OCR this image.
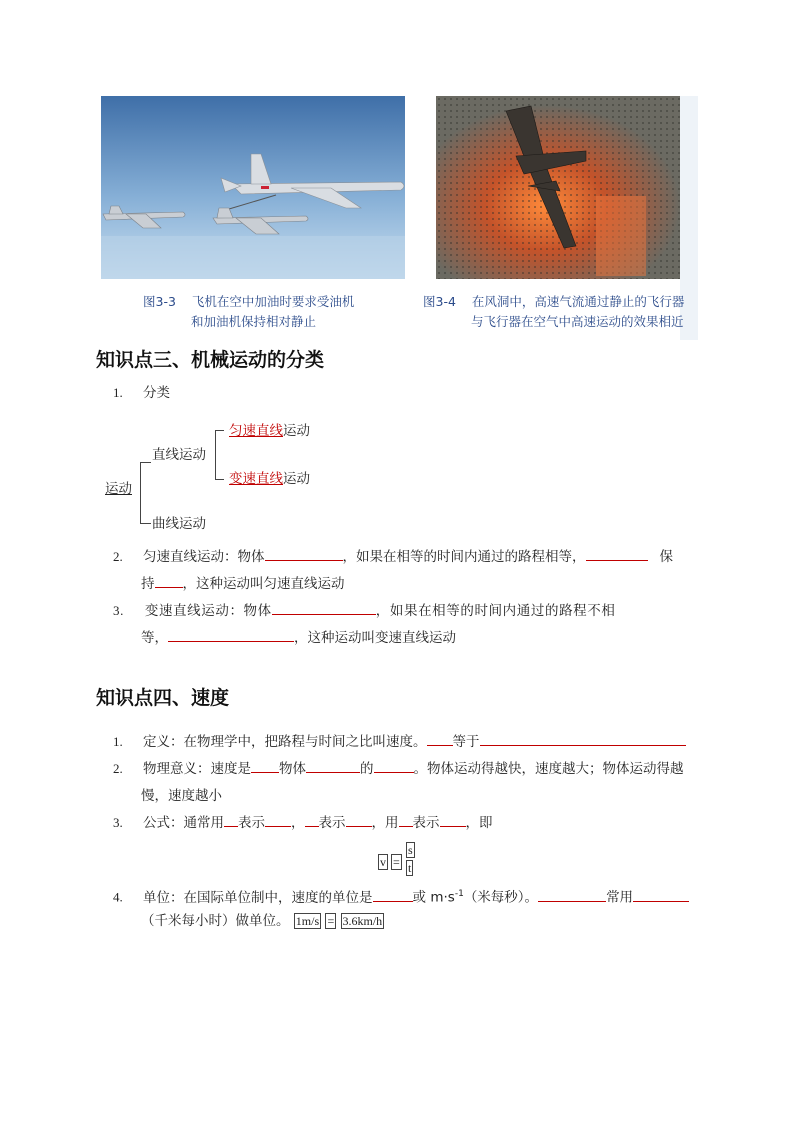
图3-3 飞机在空中加油时要求受油机
和加油机保持相对静止
图3-4 在风洞中，高速气流通过静止的飞行器
与飞行器在空气中高速运动的效果相近
知识点三、机械运动的分类
1. 分类
运动
直线运动
匀速直线运动
变速直线运动
曲线运动
2. 匀速直线运动：物体	，如果在相等的时间内通过的路程相等，	保
持 ，这种运动叫匀速直线运动
3. 变速直线运动：物体	，如果在相等的时间内通过的路程不相
等，	，这种运动叫变速直线运动
知识点四、速度
1. 定义：在物理学中，把路程与时间之比叫速度。 等于
2. 物理意义：速度是 物体	的	。物体运动得越快，速度越大；物体运动得越
慢，速度越小
3. 公式：通常用 表示 ， 表示 ，用 表示 ，即
v =
s
t
4. 单位：在国际单位制中，速度的单位是	或 $m\cdot s^{-1}$（米每秒）。	常用
（千米每小时）做单位。 1m/s = 3.6km/h
